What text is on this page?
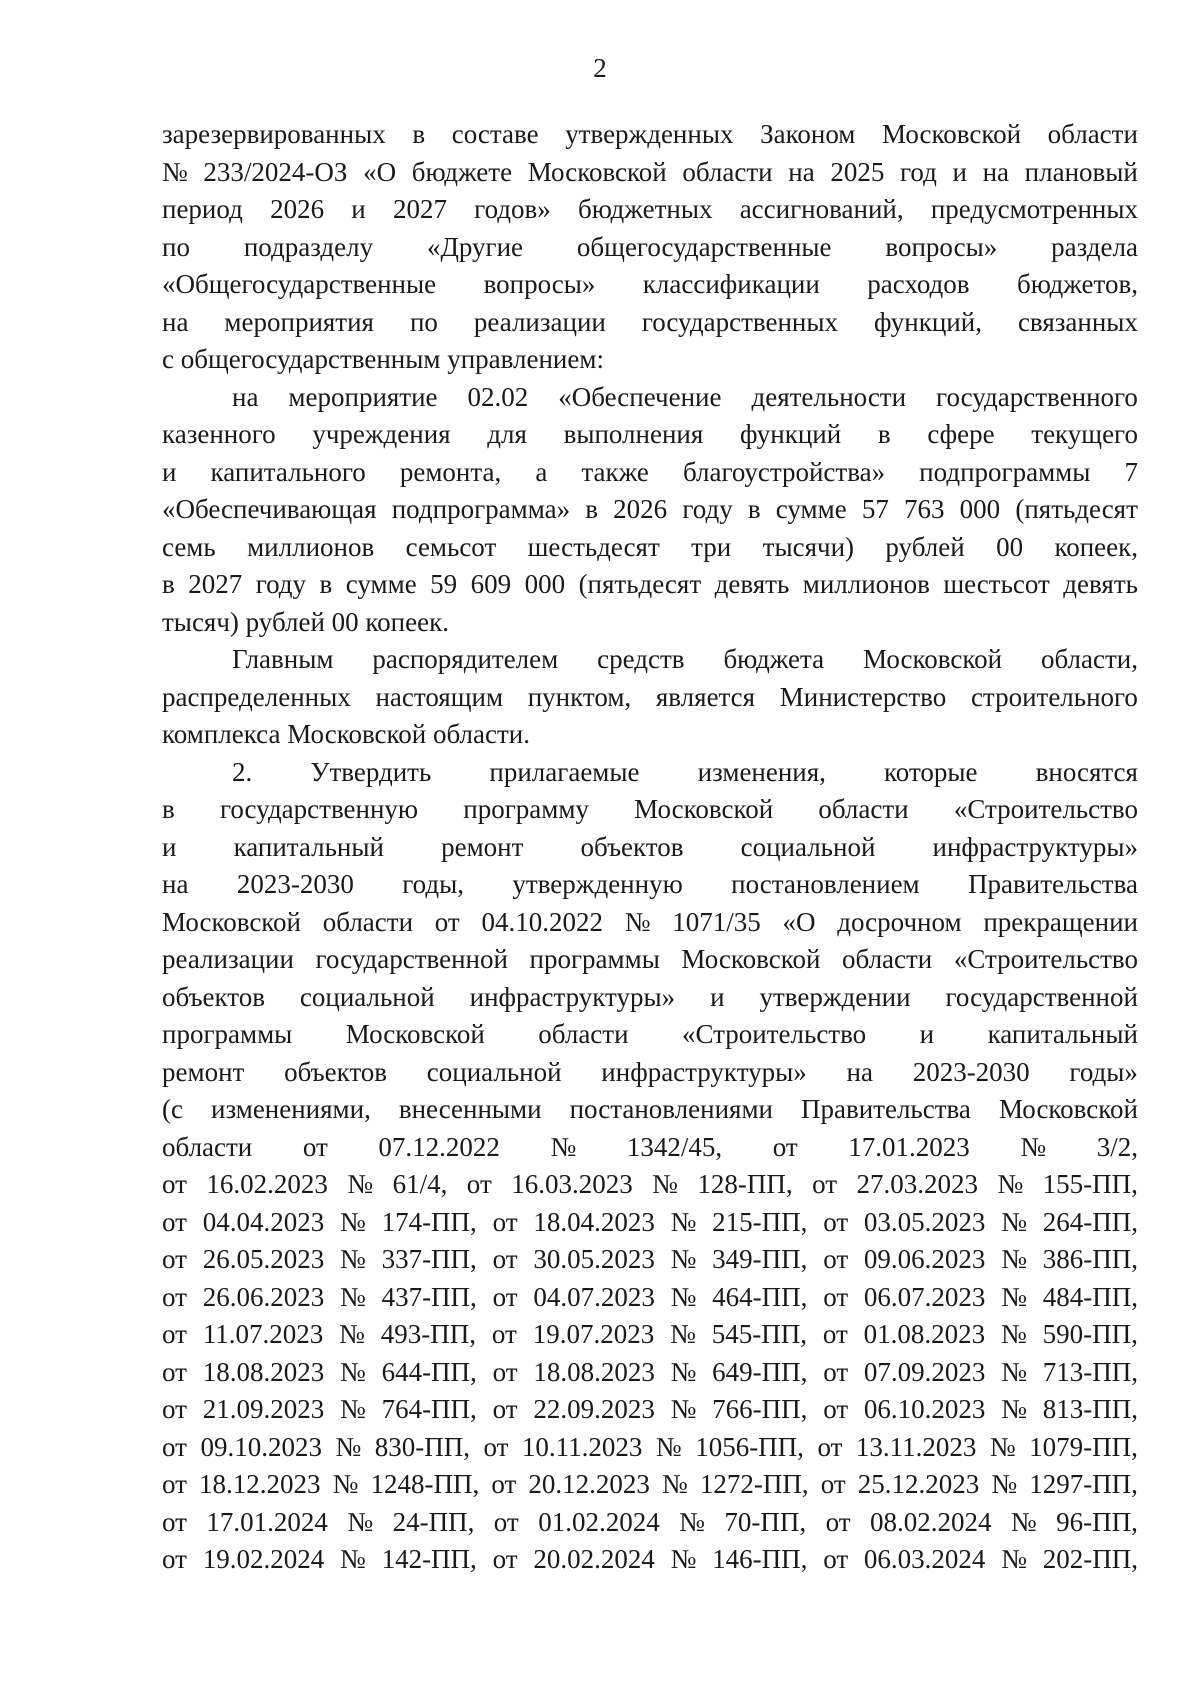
2
зарезервированных в составе утвержденных Законом Московской области
№ 233/2024-ОЗ «О бюджете Московской области на 2025 год и на плановый
период 2026 и 2027 годов» бюджетных ассигнований, предусмотренных
по подразделу «Другие общегосударственные вопросы» раздела
«Общегосударственные вопросы» классификации расходов бюджетов,
на мероприятия по реализации государственных функций, связанных
с общегосударственным управлением:
на мероприятие 02.02 «Обеспечение деятельности государственного
казенного учреждения для выполнения функций в сфере текущего
и капитального ремонта, а также благоустройства» подпрограммы 7
«Обеспечивающая подпрограмма» в 2026 году в сумме 57 763 000 (пятьдесят
семь миллионов семьсот шестьдесят три тысячи) рублей 00 копеек,
в 2027 году в сумме 59 609 000 (пятьдесят девять миллионов шестьсот девять
тысяч) рублей 00 копеек.
Главным распорядителем средств бюджета Московской области,
распределенных настоящим пунктом, является Министерство строительного
комплекса Московской области.
2. Утвердить прилагаемые изменения, которые вносятся
в государственную программу Московской области «Строительство
и капитальный ремонт объектов социальной инфраструктуры»
на 2023-2030 годы, утвержденную постановлением Правительства
Московской области от 04.10.2022 № 1071/35 «О досрочном прекращении
реализации государственной программы Московской области «Строительство
объектов социальной инфраструктуры» и утверждении государственной
программы Московской области «Строительство и капитальный
ремонт объектов социальной инфраструктуры» на 2023-2030 годы»
(с изменениями, внесенными постановлениями Правительства Московской
области от 07.12.2022 № 1342/45, от 17.01.2023 № 3/2,
от 16.02.2023 № 61/4, от 16.03.2023 № 128-ПП, от 27.03.2023 № 155-ПП,
от 04.04.2023 № 174-ПП, от 18.04.2023 № 215-ПП, от 03.05.2023 № 264-ПП,
от 26.05.2023 № 337-ПП, от 30.05.2023 № 349-ПП, от 09.06.2023 № 386-ПП,
от 26.06.2023 № 437-ПП, от 04.07.2023 № 464-ПП, от 06.07.2023 № 484-ПП,
от 11.07.2023 № 493-ПП, от 19.07.2023 № 545-ПП, от 01.08.2023 № 590-ПП,
от 18.08.2023 № 644-ПП, от 18.08.2023 № 649-ПП, от 07.09.2023 № 713-ПП,
от 21.09.2023 № 764-ПП, от 22.09.2023 № 766-ПП, от 06.10.2023 № 813-ПП,
от 09.10.2023 № 830-ПП, от 10.11.2023 № 1056-ПП, от 13.11.2023 № 1079-ПП,
от 18.12.2023 № 1248-ПП, от 20.12.2023 № 1272-ПП, от 25.12.2023 № 1297-ПП,
от 17.01.2024 № 24-ПП, от 01.02.2024 № 70-ПП, от 08.02.2024 № 96-ПП,
от 19.02.2024 № 142-ПП, от 20.02.2024 № 146-ПП, от 06.03.2024 № 202-ПП,
